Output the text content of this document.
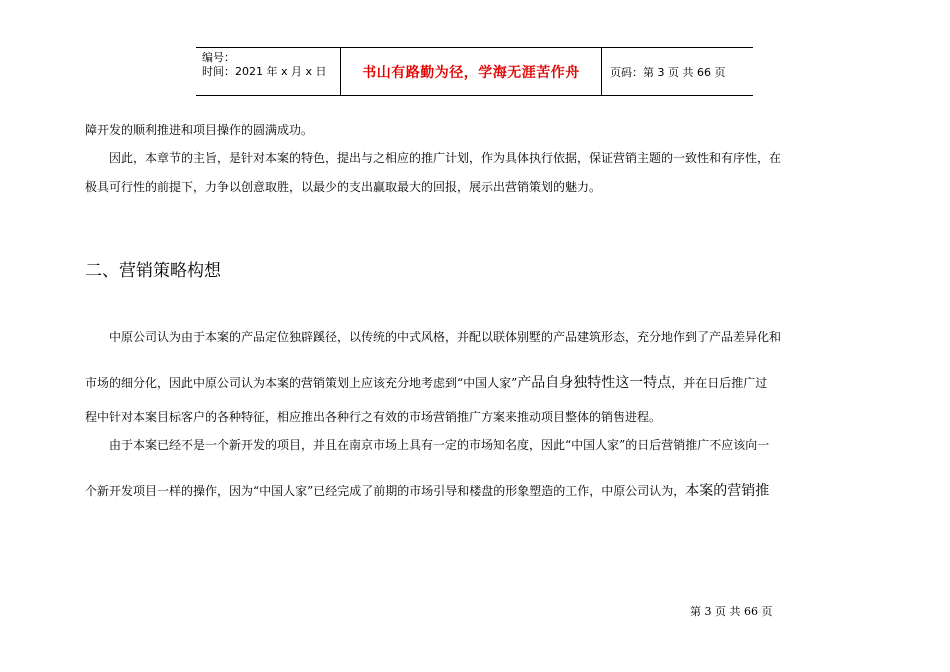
编号：
时间：2021 年 x 月 x 日	书山有路勤为径，学海无涯苦作舟	页码：第 3 页 共 66 页

障开发的顺利推进和项目操作的圆满成功。

因此，本章节的主旨，是针对本案的特色，提出与之相应的推广计划，作为具体执行依据，保证营销主题的一致性和有序性，在

极具可行性的前提下，力争以创意取胜，以最少的支出赢取最大的回报，展示出营销策划的魅力。

二、营销策略构想

中原公司认为由于本案的产品定位独辟蹊径，以传统的中式风格，并配以联体别墅的产品建筑形态，充分地作到了产品差异化和

市场的细分化，因此中原公司认为本案的营销策划上应该充分地考虑到“中国人家”产品自身独特性这一特点，并在日后推广过

程中针对本案目标客户的各种特征，相应推出各种行之有效的市场营销推广方案来推动项目整体的销售进程。

由于本案已经不是一个新开发的项目，并且在南京市场上具有一定的市场知名度，因此“中国人家”的日后营销推广不应该向一

个新开发项目一样的操作，因为“中国人家”已经完成了前期的市场引导和楼盘的形象塑造的工作，中原公司认为，本案的营销推

第 3 页 共 66 页
